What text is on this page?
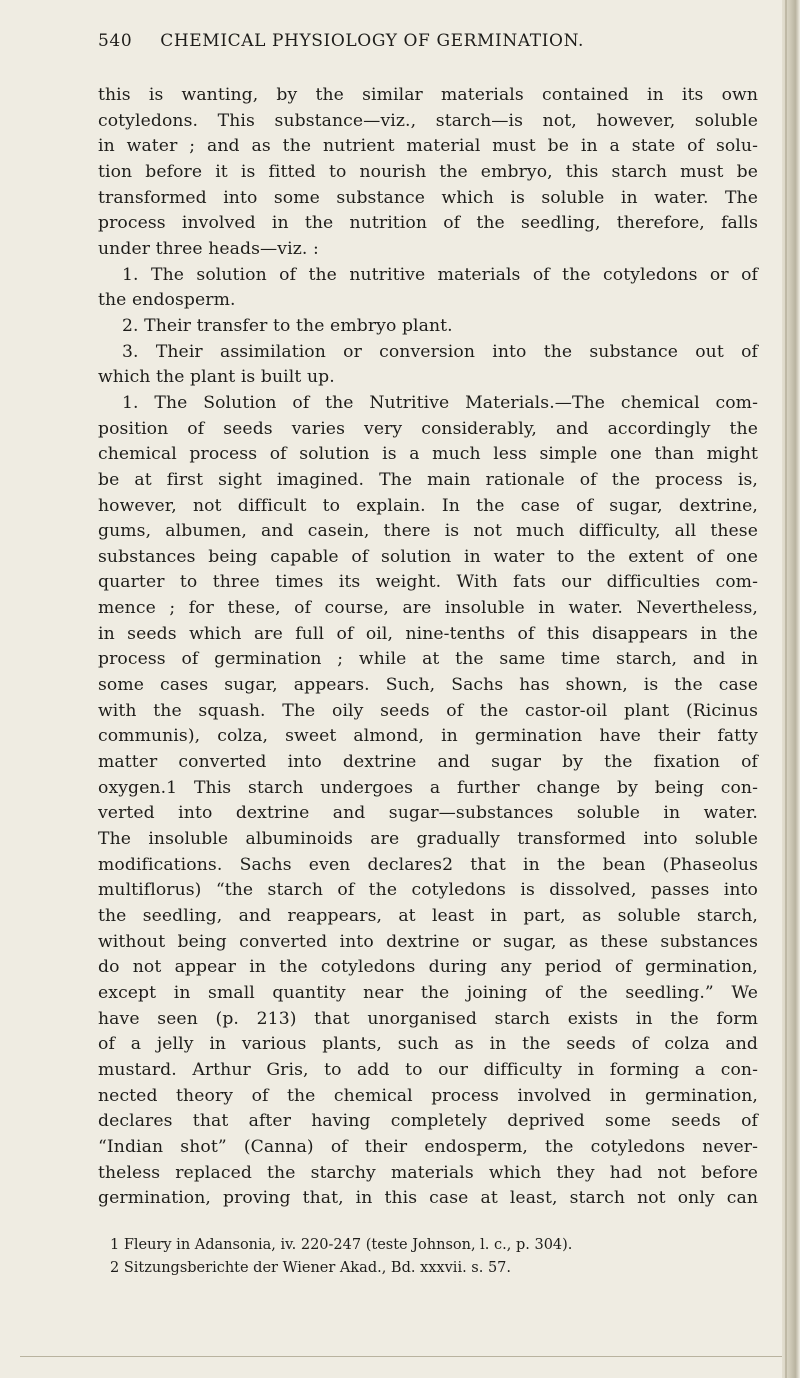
540 CHEMICAL PHYSIOLOGY OF GERMINATION.
this is wanting, by the similar materials contained in its own
cotyledons. This substance—viz., starch—is not, however, soluble
in water ; and as the nutrient material must be in a state of solu-
tion before it is fitted to nourish the embryo, this starch must be
transformed into some substance which is soluble in water. The
process involved in the nutrition of the seedling, therefore, falls
under three heads—viz. :
1. The solution of the nutritive materials of the cotyledons or of
the endosperm.
2. Their transfer to the embryo plant.
3. Their assimilation or conversion into the substance out of
which the plant is built up.
1. The Solution of the Nutritive Materials.—The chemical com-
position of seeds varies very considerably, and accordingly the
chemical process of solution is a much less simple one than might
be at first sight imagined. The main rationale of the process is,
however, not difficult to explain. In the case of sugar, dextrine,
gums, albumen, and casein, there is not much difficulty, all these
substances being capable of solution in water to the extent of one
quarter to three times its weight. With fats our difficulties com-
mence ; for these, of course, are insoluble in water. Nevertheless,
in seeds which are full of oil, nine-tenths of this disappears in the
process of germination ; while at the same time starch, and in
some cases sugar, appears. Such, Sachs has shown, is the case
with the squash. The oily seeds of the castor-oil plant (Ricinus
communis), colza, sweet almond, in germination have their fatty
matter converted into dextrine and sugar by the fixation of
oxygen.1 This starch undergoes a further change by being con-
verted into dextrine and sugar—substances soluble in water.
The insoluble albuminoids are gradually transformed into soluble
modifications. Sachs even declares2 that in the bean (Phaseolus
multiflorus) “the starch of the cotyledons is dissolved, passes into
the seedling, and reappears, at least in part, as soluble starch,
without being converted into dextrine or sugar, as these substances
do not appear in the cotyledons during any period of germination,
except in small quantity near the joining of the seedling.” We
have seen (p. 213) that unorganised starch exists in the form
of a jelly in various plants, such as in the seeds of colza and
mustard. Arthur Gris, to add to our difficulty in forming a con-
nected theory of the chemical process involved in germination,
declares that after having completely deprived some seeds of
“Indian shot” (Canna) of their endosperm, the cotyledons never-
theless replaced the starchy materials which they had not before
germination, proving that, in this case at least, starch not only can
1 Fleury in Adansonia, iv. 220-247 (teste Johnson, l. c., p. 304).
2 Sitzungsberichte der Wiener Akad., Bd. xxxvii. s. 57.
